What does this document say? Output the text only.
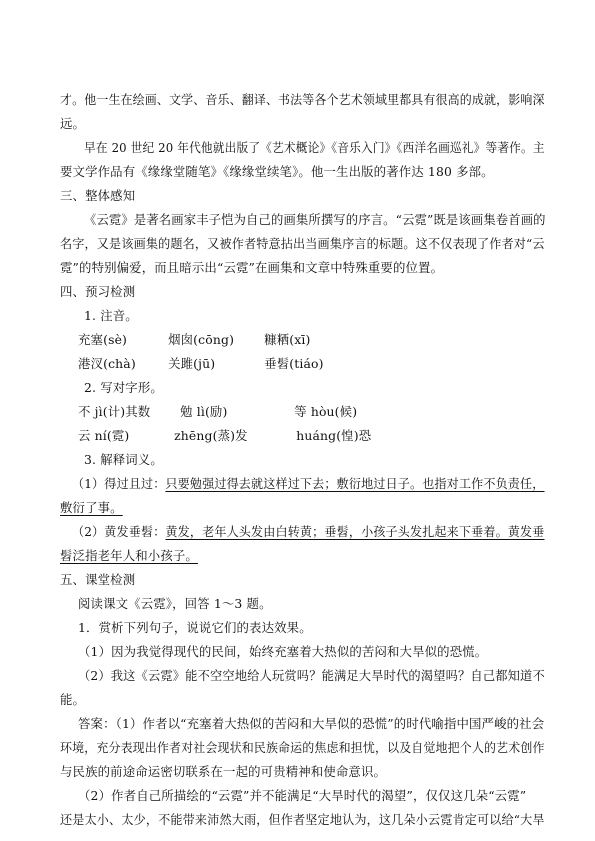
才。他一生在绘画、文学、音乐、翻译、书法等各个艺术领域里都具有很高的成就，影响深
远。
早在 20 世纪 20 年代他就出版了《艺术概论》《音乐入门》《西洋名画巡礼》等著作。主
要文学作品有《缘缘堂随笔》《缘缘堂续笔》。他一生出版的著作达 180 多部。
三、整体感知
《云霓》是著名画家丰子恺为自己的画集所撰写的序言。“云霓”既是该画集卷首画的
名字，又是该画集的题名，又被作者特意拈出当画集序言的标题。这不仅表现了作者对“云
霓”的特别偏爱，而且暗示出“云霓”在画集和文章中特殊重要的位置。
四、预习检测
1. 注音。
充塞(sè)	烟囱(cōng) 糠粞(xī)
港汊(chà)	关雎(jū)	垂髫(tiáo)
2. 写对字形。
不 jì(计)其数 勉 lì(励)	等 hòu(候)
云 ní(霓)	zhēng(蒸)发	huáng(惶)恐
3. 解释词义。
（1）得过且过：只要勉强过得去就这样过下去；敷衍地过日子。也指对工作不负责任，
敷衍了事。
（2）黄发垂髫：黄发，老年人头发由白转黄；垂髫，小孩子头发扎起来下垂着。黄发垂
髫泛指老年人和小孩子。
五、课堂检测
阅读课文《云霓》，回答 1～3 题。
1．赏析下列句子，说说它们的表达效果。
（1）因为我觉得现代的民间，始终充塞着大热似的苦闷和大旱似的恐慌。
（2）我这《云霓》能不空空地给人玩赏吗？能满足大旱时代的渴望吗？自己都知道不
能。
答案：（1）作者以“充塞着大热似的苦闷和大旱似的恐慌”的时代喻指中国严峻的社会
环境，充分表现出作者对社会现状和民族命运的焦虑和担忧，以及自觉地把个人的艺术创作
与民族的前途命运密切联系在一起的可贵精神和使命意识。
（2）作者自己所描绘的“云霓”并不能满足“大旱时代的渴望”，仅仅这几朵“云霓”
还是太小、太少，不能带来沛然大雨，但作者坚定地认为，这几朵小云霓肯定可以给“大旱
